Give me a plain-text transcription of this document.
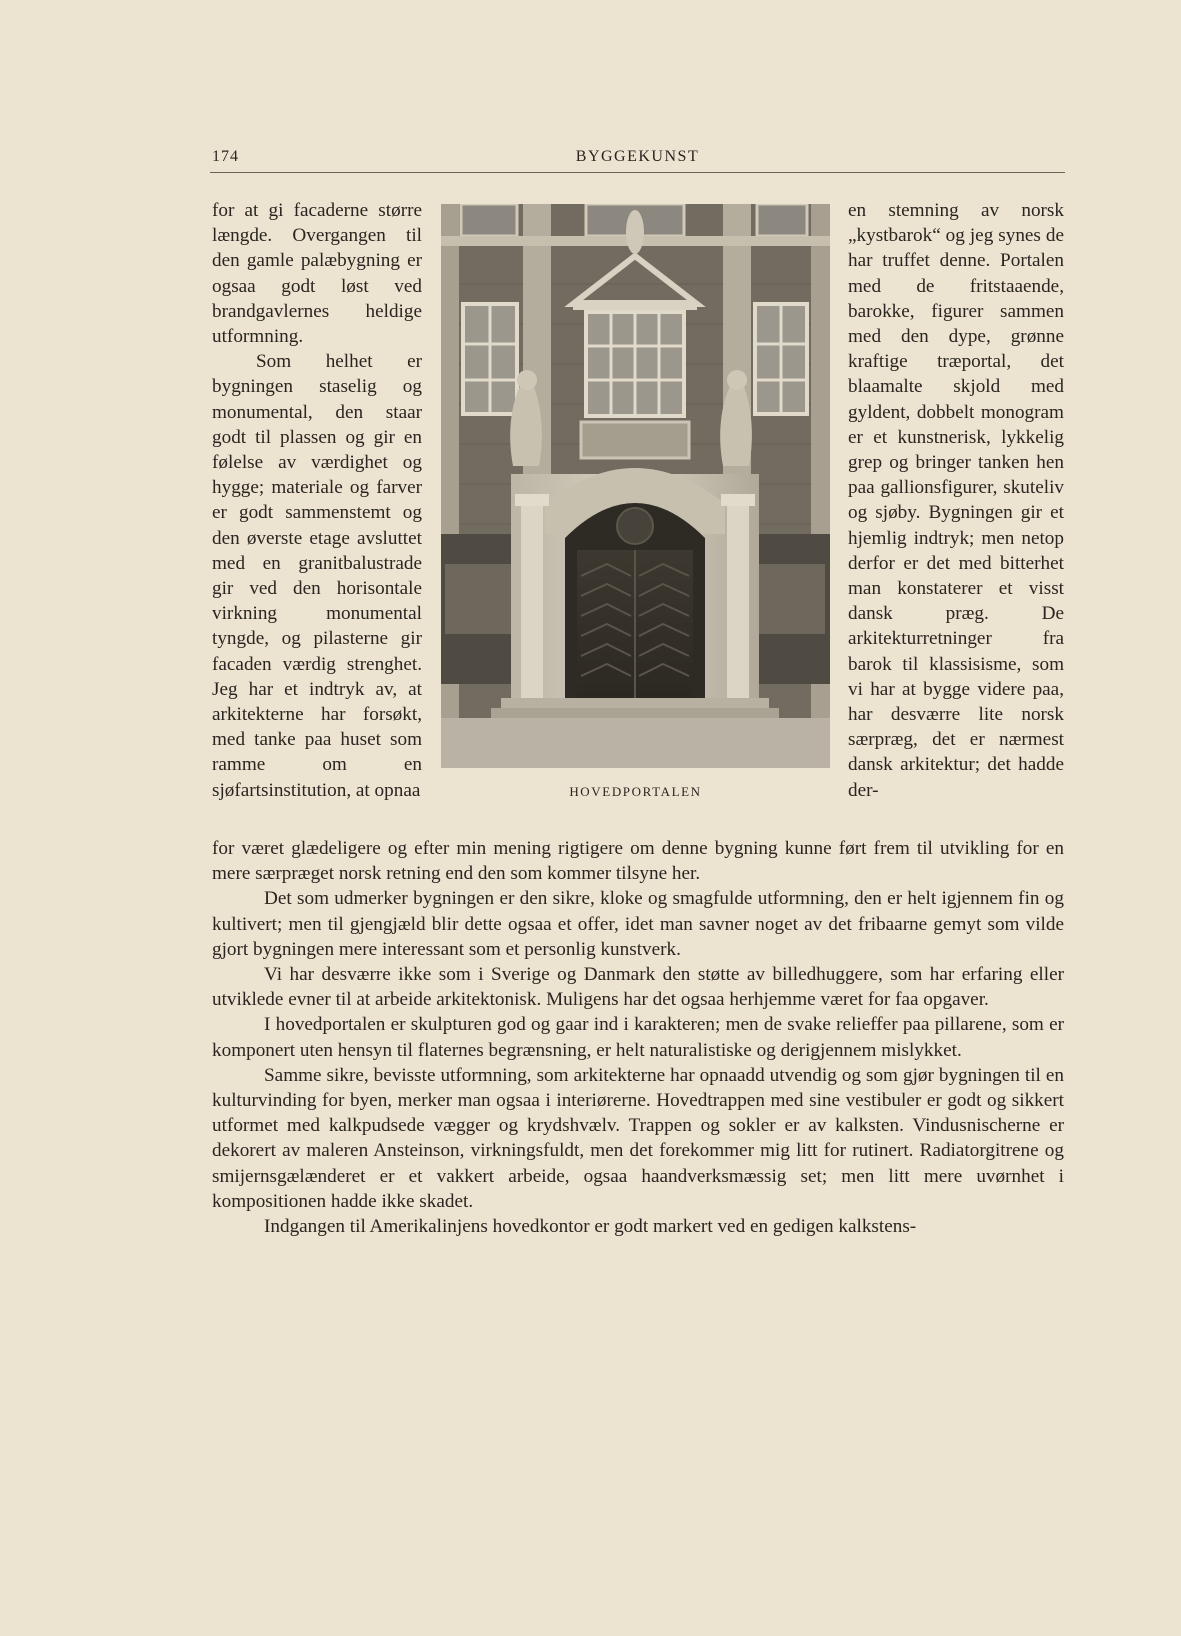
174	BYGGEKUNST

for at gi facaderne større længde. Overgangen til den gamle palæbygning er ogsaa godt løst ved brandgavlernes heldige utformning.

Som helhet er bygningen staselig og monumental, den staar godt til plassen og gir en følelse av værdighet og hygge; materiale og farver er godt sammenstemt og den øverste etage avsluttet med en granitbalustrade gir ved den horisontale virkning monumental tyngde, og pilasterne gir facaden værdig strenghet. Jeg har et indtryk av, at arkitekterne har forsøkt, med tanke paa huset som ramme om en sjøfartsinstitution, at opnaa	HOVEDPORTALEN

en stemning av norsk „kystbarok“ og jeg synes de har truffet denne. Portalen med de fritstaaende, barokke, figurer sammen med den dype, grønne kraftige træportal, det blaamalte skjold med gyldent, dobbelt monogram er et kunstnerisk, lykkelig grep og bringer tanken hen paa gallionsfigurer, skuteliv og sjøby. Bygningen gir et hjemlig indtryk; men netop derfor er det med bitterhet man konstaterer et visst dansk præg. De arkitekturretninger fra barok til klassisisme, som vi har at bygge videre paa, har desværre lite norsk særpræg, det er nærmest dansk arkitektur; det hadde der-

for været glædeligere og efter min mening rigtigere om denne bygning kunne ført frem til utvikling for en mere særpræget norsk retning end den som kommer tilsyne her.

Det som udmerker bygningen er den sikre, kloke og smagfulde utformning, den er helt igjennem fin og kultivert; men til gjengjæld blir dette ogsaa et offer, idet man savner noget av det fribaarne gemyt som vilde gjort bygningen mere interessant som et personlig kunstverk.

Vi har desværre ikke som i Sverige og Danmark den støtte av billedhuggere, som har erfaring eller utviklede evner til at arbeide arkitektonisk. Muligens har det ogsaa herhjemme været for faa opgaver.

I hovedportalen er skulpturen god og gaar ind i karakteren; men de svake relieffer paa pillarene, som er komponert uten hensyn til flaternes begrænsning, er helt naturalistiske og derigjennem mislykket.

Samme sikre, bevisste utformning, som arkitekterne har opnaadd utvendig og som gjør bygningen til en kulturvinding for byen, merker man ogsaa i interiørerne. Hovedtrappen med sine vestibuler er godt og sikkert utformet med kalkpudsede vægger og krydshvælv. Trappen og sokler er av kalksten. Vindusnischerne er dekorert av maleren Ansteinson, virkningsfuldt, men det forekommer mig litt for rutinert. Radiatorgitrene og smijernsgælænderet er et vakkert arbeide, ogsaa haandverksmæssig set; men litt mere uvørnhet i kompositionen hadde ikke skadet.

Indgangen til Amerikalinjens hovedkontor er godt markert ved en gedigen kalkstens-
